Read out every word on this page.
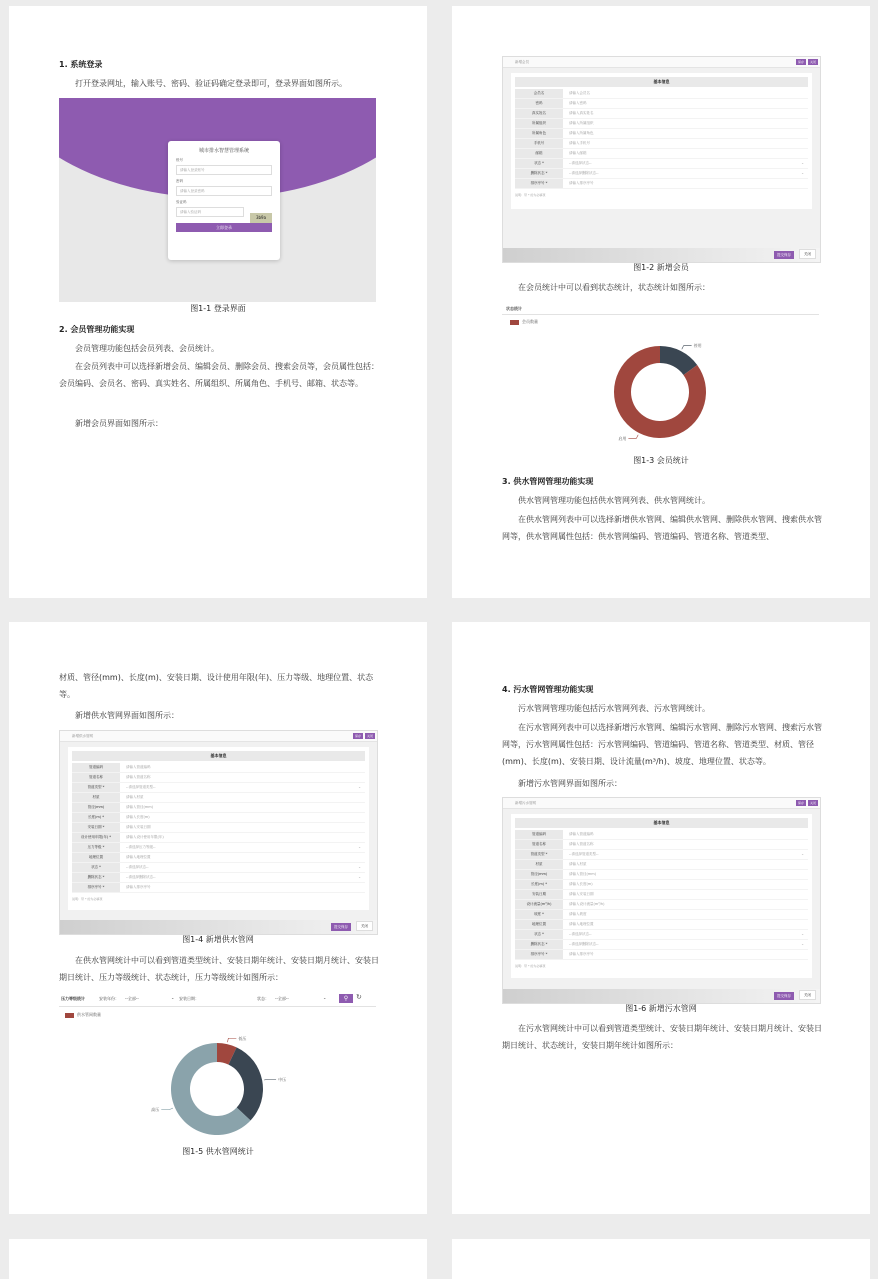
1. 系统登录
打开登录网址，输入账号、密码、验证码确定登录即可，登录界面如图所示。
城市排水智慧管理系统
账号
请输入登录账号
密码
请输入登录密码
验证码
请输入验证码
3b9a
立即登录
图1-1 登录界面
2. 会员管理功能实现
会员管理功能包括会员列表、会员统计。
在会员列表中可以选择新增会员、编辑会员、删除会员、搜索会员等，会员属性包括：会员编码、会员名、密码、真实姓名、所属组织、所属角色、手机号、邮箱、状态等。
新增会员界面如图所示：
新增会员	保存	关闭
基本信息
会员名	请输入会员名
密码	请输入密码
真实姓名	请输入真实姓名
所属组织	请输入所属组织
所属角色	请输入所属角色
手机号	请输入手机号
邮箱	请输入邮箱
状态 *	--请选择状态--	⌄
删除状态 *	--请选择删除状态--	⌄
排序序号 *	请输入排序序号
说明：带 * 的为必填项
提交保存	关闭
图1-2 新增会员
在会员统计中可以看到状态统计，状态统计如图所示：
状态统计
会员数量
停用
启用
图1-3 会员统计
3. 供水管网管理功能实现
供水管网管理功能包括供水管网列表、供水管网统计。
在供水管网列表中可以选择新增供水管网、编辑供水管网、删除供水管网、搜索供水管网等，供水管网属性包括：供水管网编码、管道编码、管道名称、管道类型、
材质、管径(mm)、长度(m)、安装日期、设计使用年限(年)、压力等级、地理位置、状态等。
新增供水管网界面如图所示：
新增供水管网	保存	关闭
基本信息
管道编码	请输入管道编码
管道名称	请输入管道名称
管道类型 *	--请选择管道类型--	⌄
材质	请输入材质
管径(mm)	请输入管径(mm)
长度(m) *	请输入长度(m)
安装日期 *	请输入安装日期
设计使用年限(年) *	请输入设计使用年限(年)
压力等级 *	--请选择压力等级--	⌄
地理位置	请输入地理位置
状态 *	--请选择状态--	⌄
删除状态 *	--请选择删除状态--	⌄
排序序号 *	请输入排序序号
说明：带 * 的为必填项
提交保存	关闭
图1-4 新增供水管网
在供水管网统计中可以看到管道类型统计、安装日期年统计、安装日期月统计、安装日期日统计、压力等级统计、状态统计，压力等级统计如图所示：
压力等级统计	安装年份： --全部--	⌄ 安装日期：	状态： --全部--	⌄	⚲	↻
供水管网数量
低压
中压
高压
图1-5 供水管网统计
4. 污水管网管理功能实现
污水管网管理功能包括污水管网列表、污水管网统计。
在污水管网列表中可以选择新增污水管网、编辑污水管网、删除污水管网、搜索污水管网等，污水管网属性包括：污水管网编码、管道编码、管道名称、管道类型、材质、管径(mm)、长度(m)、安装日期、设计流量(m³/h)、坡度、地理位置、状态等。
新增污水管网界面如图所示：
新增污水管网	保存	关闭
基本信息
管道编码	请输入管道编码
管道名称	请输入管道名称
管道类型 *	--请选择管道类型--	⌄
材质	请输入材质
管径(mm)	请输入管径(mm)
长度(m) *	请输入长度(m)
安装日期	请输入安装日期
设计流量(m³/h)	请输入设计流量(m³/h)
坡度 *	请输入坡度
地理位置	请输入地理位置
状态 *	--请选择状态--	⌄
删除状态 *	--请选择删除状态--	⌄
排序序号 *	请输入排序序号
说明：带 * 的为必填项
提交保存	关闭
图1-6 新增污水管网
在污水管网统计中可以看到管道类型统计、安装日期年统计、安装日期月统计、安装日期日统计、状态统计，安装日期年统计如图所示：
